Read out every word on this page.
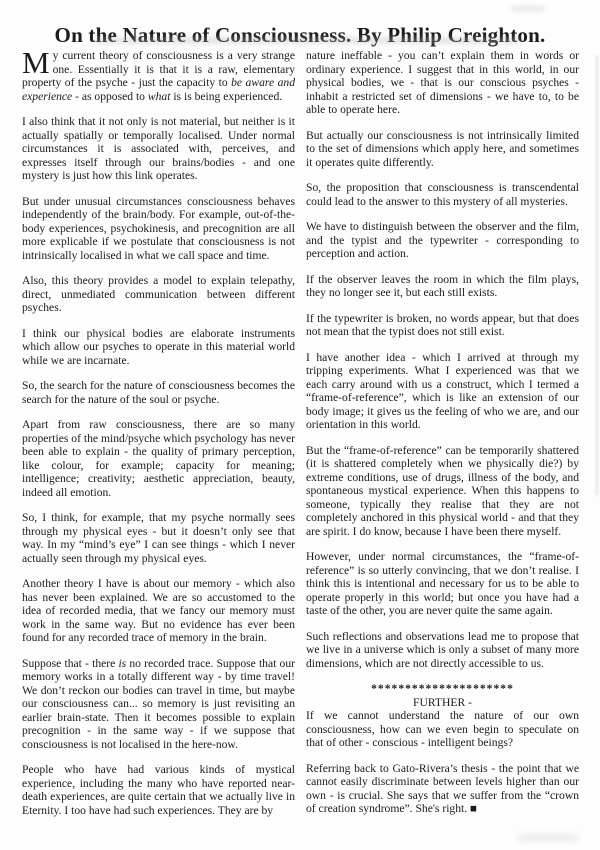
On the Nature of Consciousness. By Philip Creighton.

My current theory of consciousness is a very strange one. Essentially it is that it is a raw, elementary property of the psyche - just the capacity to be aware and experience - as opposed to what is is being experienced.

I also think that it not only is not material, but neither is it actually spatially or temporally localised. Under normal circumstances it is associated with, perceives, and expresses itself through our brains/bodies - and one mystery is just how this link operates.

But under unusual circumstances consciousness behaves independently of the brain/body. For example, out-of-the-body experiences, psychokinesis, and precognition are all more explicable if we postulate that consciousness is not intrinsically localised in what we call space and time.

Also, this theory provides a model to explain telepathy, direct, unmediated communication between different psyches.

I think our physical bodies are elaborate instruments which allow our psyches to operate in this material world while we are incarnate.

So, the search for the nature of consciousness becomes the search for the nature of the soul or psyche.

Apart from raw consciousness, there are so many properties of the mind/psyche which psychology has never been able to explain - the quality of primary perception, like colour, for example; capacity for meaning; intelligence; creativity; aesthetic appreciation, beauty, indeed all emotion.

So, I think, for example, that my psyche normally sees through my physical eyes - but it doesn’t only see that way. In my “mind’s eye” I can see things - which I never actually seen through my physical eyes.

Another theory I have is about our memory - which also has never been explained. We are so accustomed to the idea of recorded media, that we fancy our memory must work in the same way. But no evidence has ever been found for any recorded trace of memory in the brain.

Suppose that - there is no recorded trace. Suppose that our memory works in a totally different way - by time travel! We don’t reckon our bodies can travel in time, but maybe our consciousness can... so memory is just revisiting an earlier brain-state. Then it becomes possible to explain precognition - in the same way - if we suppose that consciousness is not localised in the here-now.

People who have had various kinds of mystical experience, including the many who have reported near-death experiences, are quite certain that we actually live in Eternity. I too have had such experiences. They are by

nature ineffable - you can’t explain them in words or ordinary experience. I suggest that in this world, in our physical bodies, we - that is our conscious psyches - inhabit a restricted set of dimensions - we have to, to be able to operate here.

But actually our consciousness is not intrinsically limited to the set of dimensions which apply here, and sometimes it operates quite differently.

So, the proposition that consciousness is transcendental could lead to the answer to this mystery of all mysteries.

We have to distinguish between the observer and the film, and the typist and the typewriter - corresponding to perception and action.

If the observer leaves the room in which the film plays, they no longer see it, but each still exists.

If the typewriter is broken, no words appear, but that does not mean that the typist does not still exist.

I have another idea - which I arrived at through my tripping experiments. What I experienced was that we each carry around with us a construct, which I termed a “frame-of-reference”, which is like an extension of our body image; it gives us the feeling of who we are, and our orientation in this world.

But the “frame-of-reference” can be temporarily shattered (it is shattered completely when we physically die?) by extreme conditions, use of drugs, illness of the body, and spontaneous mystical experience. When this happens to someone, typically they realise that they are not completely anchored in this physical world - and that they are spirit. I do know, because I have been there myself.

However, under normal circumstances, the “frame-of-reference” is so utterly convincing, that we don’t realise. I think this is intentional and necessary for us to be able to operate properly in this world; but once you have had a taste of the other, you are never quite the same again.

Such reflections and observations lead me to propose that we live in a universe which is only a subset of many more dimensions, which are not directly accessible to us.

*********************

FURTHER -

If we cannot understand the nature of our own consciousness, how can we even begin to speculate on that of other - conscious - intelligent beings?

Referring back to Gato-Rivera’s thesis - the point that we cannot easily discriminate between levels higher than our own - is crucial. She says that we suffer from the “crown of creation syndrome”. She's right. ■
